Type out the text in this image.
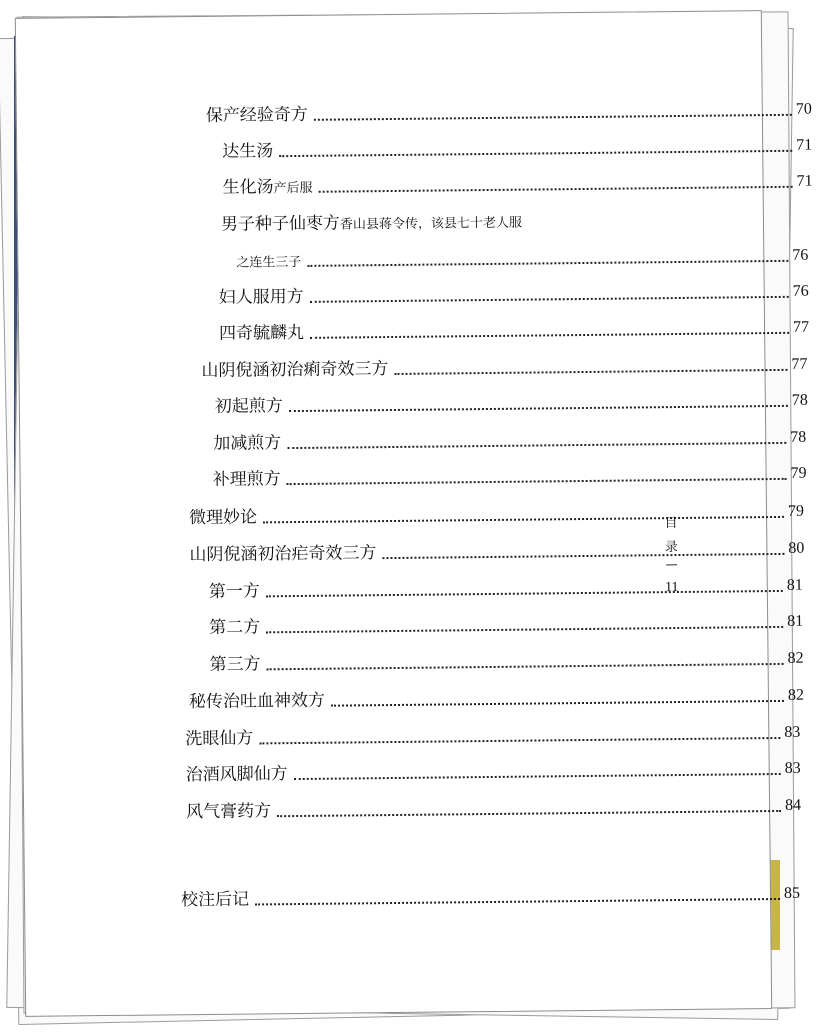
保产经验奇方	70
达生汤	71
生化汤 产后服	71
男子种子仙枣方 香山县蒋令传，该县七十老人服
之连生三子	76
妇人服用方	76
四奇毓麟丸	77
山阴倪涵初治痢奇效三方	77
初起煎方	78
加减煎方	78
补理煎方	79
微理妙论	79
山阴倪涵初治疟奇效三方	80
第一方	81
第二方	81
第三方	82
秘传治吐血神效方	82
洗眼仙方	83
治酒风脚仙方	83
风气膏药方	84
校注后记	85
目
录
—
11
